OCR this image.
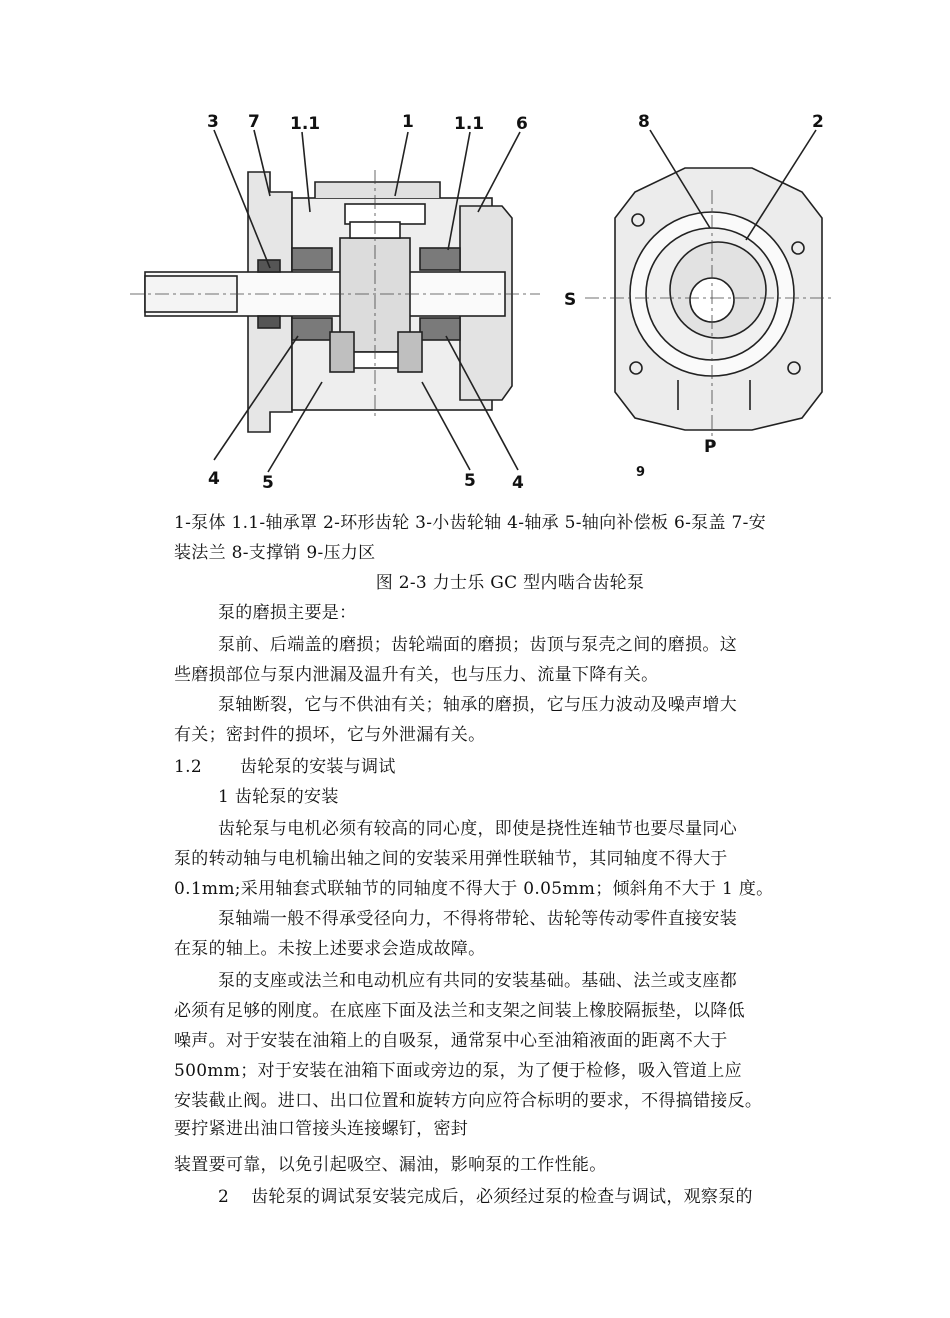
3 7 1.1	1 1.1 6
4 5	5 4
8	2
S
P
9
1-泵体 1.1-轴承罩 2-环形齿轮 3-小齿轮轴 4-轴承 5-轴向补偿板 6-泵盖 7-安
装法兰 8-支撑销 9-压力区
图 2-3 力士乐 GC 型内啮合齿轮泵
泵的磨损主要是：
泵前、后端盖的磨损；齿轮端面的磨损；齿顶与泵壳之间的磨损。这
些磨损部位与泵内泄漏及温升有关，也与压力、流量下降有关。
泵轴断裂，它与不供油有关；轴承的磨损，它与压力波动及噪声增大
有关；密封件的损坏，它与外泄漏有关。
1.2 齿轮泵的安装与调试
1 齿轮泵的安装
齿轮泵与电机必须有较高的同心度，即使是挠性连轴节也要尽量同心
泵的转动轴与电机输出轴之间的安装采用弹性联轴节，其同轴度不得大于
0.1mm;采用轴套式联轴节的同轴度不得大于 0.05mm；倾斜角不大于 1 度。
泵轴端一般不得承受径向力，不得将带轮、齿轮等传动零件直接安装
在泵的轴上。未按上述要求会造成故障。
泵的支座或法兰和电动机应有共同的安装基础。基础、法兰或支座都
必须有足够的刚度。在底座下面及法兰和支架之间装上橡胶隔振垫，以降低
噪声。对于安装在油箱上的自吸泵，通常泵中心至油箱液面的距离不大于
500mm；对于安装在油箱下面或旁边的泵，为了便于检修，吸入管道上应
安装截止阀。进口、出口位置和旋转方向应符合标明的要求，不得搞错接反。
要拧紧进出油口管接头连接螺钉，密封
装置要可靠，以免引起吸空、漏油，影响泵的工作性能。
2 齿轮泵的调试泵安装完成后，必须经过泵的检查与调试，观察泵的
